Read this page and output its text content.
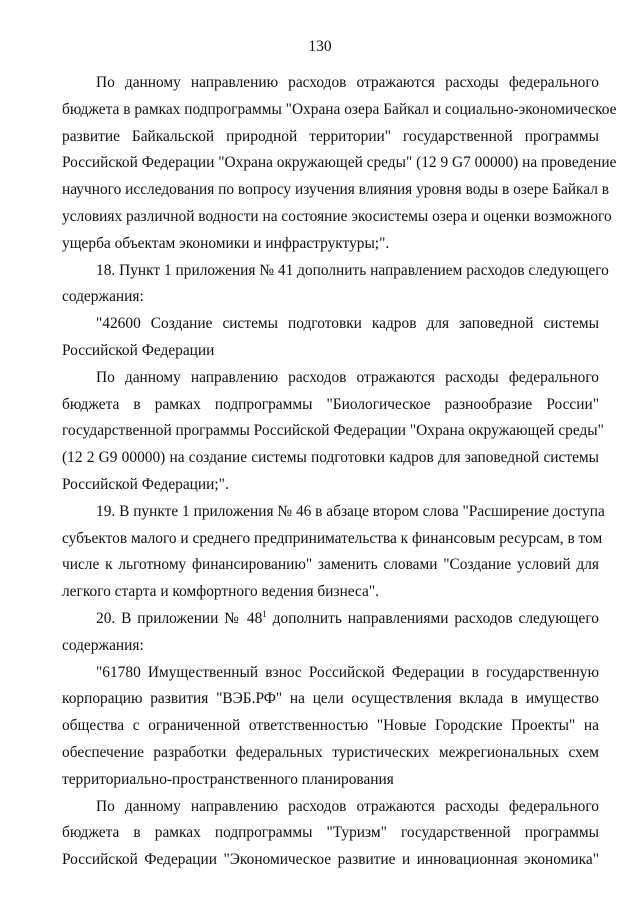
130
По данному направлению расходов отражаются расходы федерального
бюджета в рамках подпрограммы "Охрана озера Байкал и социально-экономическое
развитие Байкальской природной территории" государственной программы
Российской Федерации "Охрана окружающей среды" (12 9 G7 00000) на проведение
научного исследования по вопросу изучения влияния уровня воды в озере Байкал в
условиях различной водности на состояние экосистемы озера и оценки возможного
ущерба объектам экономики и инфраструктуры;".
18. Пункт 1 приложения № 41 дополнить направлением расходов следующего
содержания:
"42600 Создание системы подготовки кадров для заповедной системы
Российской Федерации
По данному направлению расходов отражаются расходы федерального
бюджета в рамках подпрограммы "Биологическое разнообразие России"
государственной программы Российской Федерации "Охрана окружающей среды"
(12 2 G9 00000) на создание системы подготовки кадров для заповедной системы
Российской Федерации;".
19. В пункте 1 приложения № 46 в абзаце втором слова "Расширение доступа
субъектов малого и среднего предпринимательства к финансовым ресурсам, в том
числе к льготному финансированию" заменить словами "Создание условий для
легкого старта и комфортного ведения бизнеса".
20. В приложении № $48^1$ дополнить направлениями расходов следующего
содержания:
"61780 Имущественный взнос Российской Федерации в государственную
корпорацию развития "ВЭБ.РФ" на цели осуществления вклада в имущество
общества с ограниченной ответственностью "Новые Городские Проекты" на
обеспечение разработки федеральных туристических межрегиональных схем
территориально-пространственного планирования
По данному направлению расходов отражаются расходы федерального
бюджета в рамках подпрограммы "Туризм" государственной программы
Российской Федерации "Экономическое развитие и инновационная экономика"
